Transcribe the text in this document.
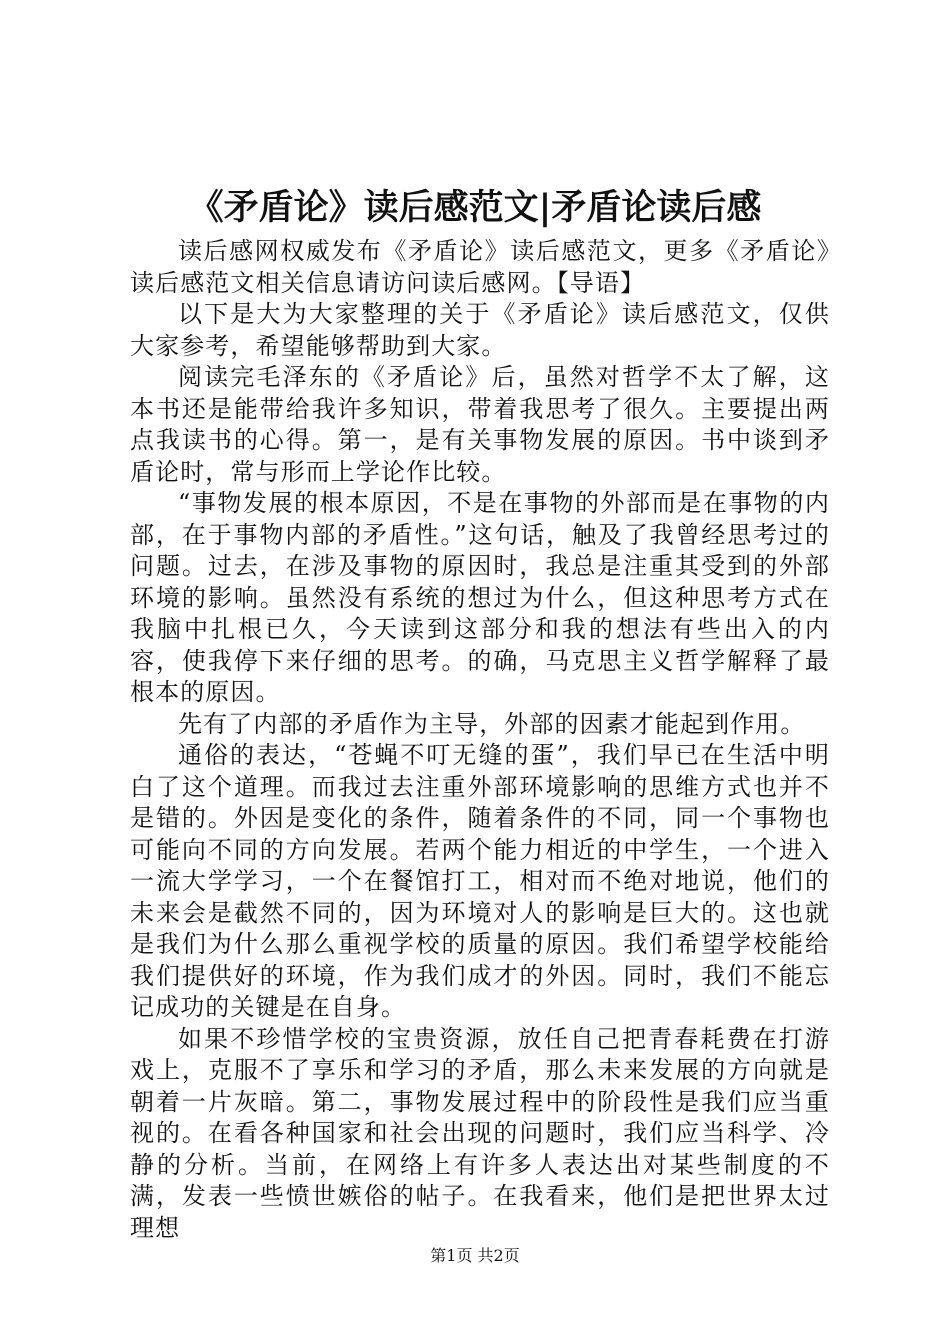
《矛盾论》读后感范文|矛盾论读后感

读后感网权威发布《矛盾论》读后感范文，更多《矛盾论》读后感范文相关信息请访问读后感网。【导语】

以下是大为大家整理的关于《矛盾论》读后感范文，仅供大家参考，希望能够帮助到大家。

阅读完毛泽东的《矛盾论》后，虽然对哲学不太了解，这本书还是能带给我许多知识，带着我思考了很久。主要提出两点我读书的心得。第一，是有关事物发展的原因。书中谈到矛盾论时，常与形而上学论作比较。

“事物发展的根本原因，不是在事物的外部而是在事物的内部，在于事物内部的矛盾性。”这句话，触及了我曾经思考过的问题。过去，在涉及事物的原因时，我总是注重其受到的外部环境的影响。虽然没有系统的想过为什么，但这种思考方式在我脑中扎根已久，今天读到这部分和我的想法有些出入的内容，使我停下来仔细的思考。的确，马克思主义哲学解释了最根本的原因。

先有了内部的矛盾作为主导，外部的因素才能起到作用。

通俗的表达，“苍蝇不叮无缝的蛋”，我们早已在生活中明白了这个道理。而我过去注重外部环境影响的思维方式也并不是错的。外因是变化的条件，随着条件的不同，同一个事物也可能向不同的方向发展。若两个能力相近的中学生，一个进入一流大学学习，一个在餐馆打工，相对而不绝对地说，他们的未来会是截然不同的，因为环境对人的影响是巨大的。这也就是我们为什么那么重视学校的质量的原因。我们希望学校能给我们提供好的环境，作为我们成才的外因。同时，我们不能忘记成功的关键是在自身。

如果不珍惜学校的宝贵资源，放任自己把青春耗费在打游戏上，克服不了享乐和学习的矛盾，那么未来发展的方向就是朝着一片灰暗。第二，事物发展过程中的阶段性是我们应当重视的。在看各种国家和社会出现的问题时，我们应当科学、冷静的分析。当前，在网络上有许多人表达出对某些制度的不满，发表一些愤世嫉俗的帖子。在我看来，他们是把世界太过理想

第1页 共2页
